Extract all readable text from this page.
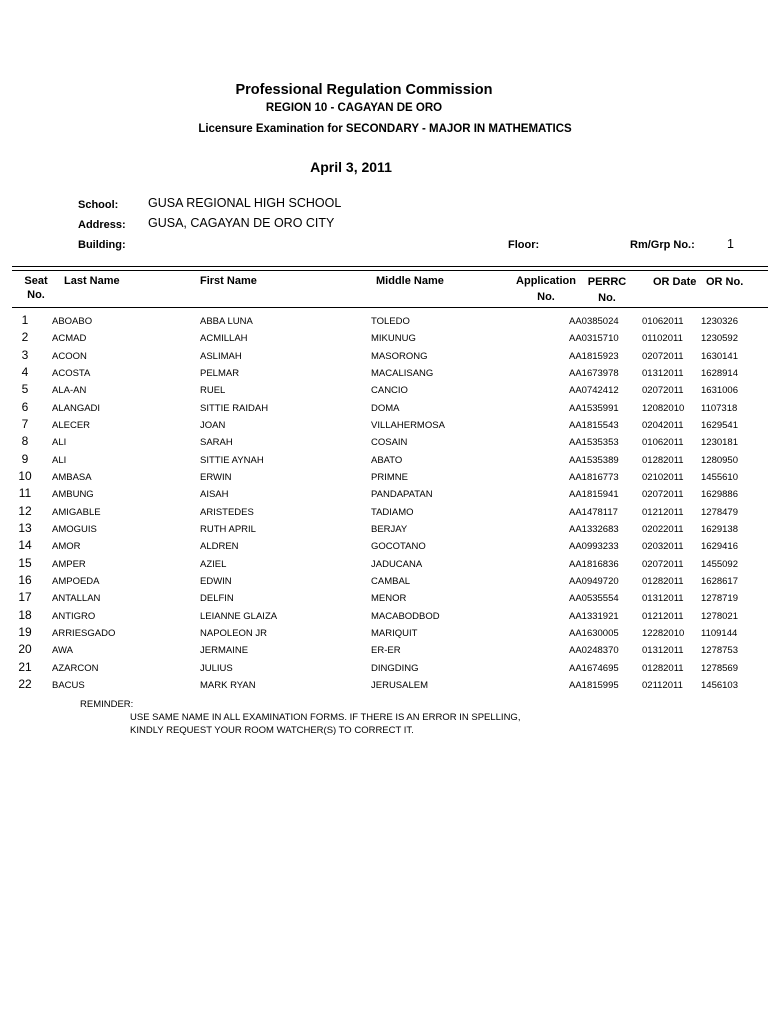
Professional Regulation Commission
REGION 10 - CAGAYAN DE ORO
Licensure Examination for SECONDARY - MAJOR IN MATHEMATICS
April 3, 2011
School: GUSA REGIONAL HIGH SCHOOL
Address: GUSA, CAGAYAN DE ORO CITY
Building:	Floor:	Rm/Grp No.:	1
Seat
No.
Last Name	First Name	Middle Name	Application
No.
PERRC
No.
OR Date OR No.
1	ABOABO	ABBA LUNA	TOLEDO	AA0385024 01062011 1230326
2	ACMAD	ACMILLAH	MIKUNUG	AA0315710 01102011 1230592
3	ACOON	ASLIMAH	MASORONG	AA1815923 02072011 1630141
4	ACOSTA	PELMAR	MACALISANG	AA1673978 01312011 1628914
5	ALA-AN	RUEL	CANCIO	AA0742412 02072011 1631006
6	ALANGADI	SITTIE RAIDAH	DOMA	AA1535991 12082010 1107318
7	ALECER	JOAN	VILLAHERMOSA	AA1815543 02042011 1629541
8	ALI	SARAH	COSAIN	AA1535353 01062011 1230181
9	ALI	SITTIE AYNAH	ABATO	AA1535389 01282011 1280950
10	AMBASA	ERWIN	PRIMNE	AA1816773 02102011 1455610
11	AMBUNG	AISAH	PANDAPATAN	AA1815941 02072011 1629886
12	AMIGABLE	ARISTEDES	TADIAMO	AA1478117	01212011 1278479
13	AMOGUIS	RUTH APRIL	BERJAY	AA1332683 02022011 1629138
14	AMOR	ALDREN	GOCOTANO	AA0993233 02032011 1629416
15	AMPER	AZIEL	JADUCANA	AA1816836 02072011 1455092
16	AMPOEDA	EDWIN	CAMBAL	AA0949720 01282011 1628617
17	ANTALLAN	DELFIN	MENOR	AA0535554 01312011 1278719
18	ANTIGRO	LEIANNE GLAIZA	MACABODBOD	AA1331921 01212011 1278021
19	ARRIESGADO	NAPOLEON JR	MARIQUIT	AA1630005 12282010 1109144
20	AWA	JERMAINE	ER-ER	AA0248370 01312011 1278753
21	AZARCON	JULIUS	DINGDING	AA1674695 01282011 1278569
22	BACUS	MARK RYAN	JERUSALEM	AA1815995 02112011 1456103
REMINDER:
USE SAME NAME IN ALL EXAMINATION FORMS. IF THERE IS AN ERROR IN SPELLING,
KINDLY REQUEST YOUR ROOM WATCHER(S) TO CORRECT IT.
